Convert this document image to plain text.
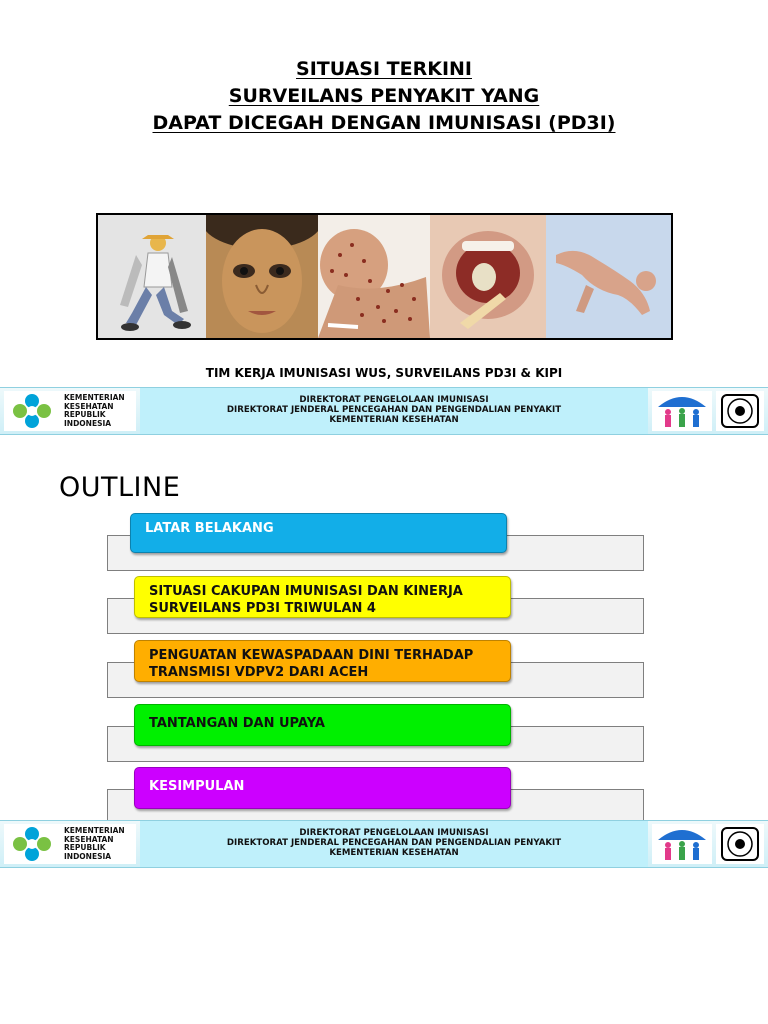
SITUASI TERKINI
SURVEILANS PENYAKIT YANG
DAPAT DICEGAH DENGAN IMUNISASI (PD3I)
TIM KERJA IMUNISASI WUS, SURVEILANS PD3I & KIPI
KEMENTERIAN
KESEHATAN
REPUBLIK
INDONESIA
DIREKTORAT PENGELOLAAN IMUNISASI
DIREKTORAT JENDERAL PENCEGAHAN DAN PENGENDALIAN PENYAKIT
KEMENTERIAN KESEHATAN
OUTLINE
LATAR BELAKANG
SITUASI CAKUPAN IMUNISASI DAN KINERJA
SURVEILANS PD3I TRIWULAN 4
PENGUATAN KEWASPADAAN DINI TERHADAP
TRANSMISI VDPV2 DARI ACEH
TANTANGAN DAN UPAYA
KESIMPULAN
KEMENTERIAN
KESEHATAN
REPUBLIK
INDONESIA
DIREKTORAT PENGELOLAAN IMUNISASI
DIREKTORAT JENDERAL PENCEGAHAN DAN PENGENDALIAN PENYAKIT
KEMENTERIAN KESEHATAN
